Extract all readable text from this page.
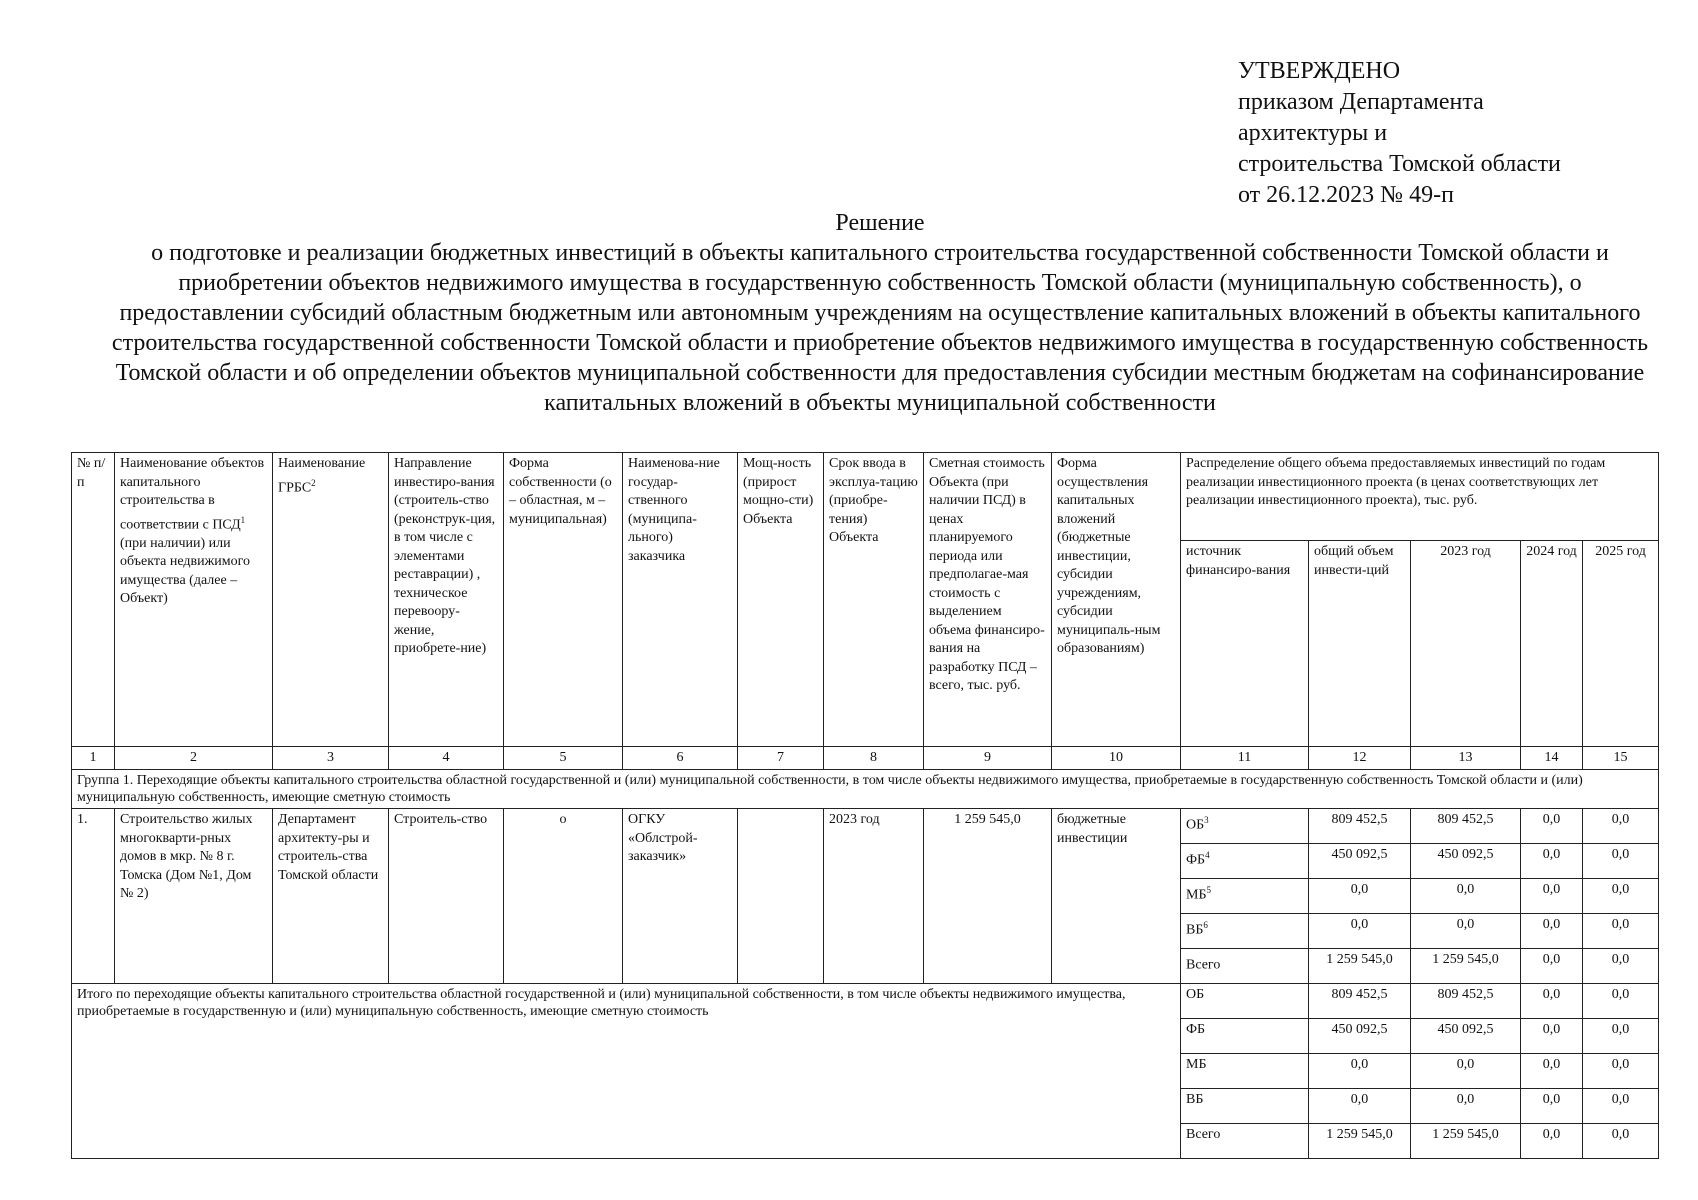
УТВЕРЖДЕНО
приказом Департамента
архитектуры и
строительства Томской области
от 26.12.2023 № 49-п
Решение

о подготовке и реализации бюджетных инвестиций в объекты капитального строительства государственной собственности Томской области и приобретении объектов недвижимого имущества в государственную собственность Томской области (муниципальную собственность), о предоставлении субсидий областным бюджетным или автономным учреждениям на осуществление капитальных вложений в объекты капитального строительства государственной собственности Томской области и приобретение объектов недвижимого имущества в государственную собственность Томской области и об определении объектов муниципальной собственности для предоставления субсидии местным бюджетам на софинансирование капитальных вложений в объекты муниципальной собственности

№ п/п	Наименование объектов капитального строительства в соответствии с ПСД$^1$ (при наличии) или объекта недвижимого имущества (далее – Объект)	Наименование ГРБС$^2$	Направление инвестиро-вания (строитель-ство (реконструк-ция, в том числе с элементами реставрации) , техническое перевоору-жение, приобрете-ние)	Форма собственности (о – областная, м – муниципальная)	Наименова-ние государ-ственного (муниципа-льного) заказчика	Мощ-ность (прирост мощно-сти) Объекта	Срок ввода в эксплуа-тацию (приобре-тения) Объекта	Сметная стоимость Объекта (при наличии ПСД) в ценах планируемого периода или предполагае-мая стоимость с выделением объема финансиро-вания на разработку ПСД – всего, тыс. руб.	Форма осуществления капитальных вложений (бюджетные инвестиции, субсидии учреждениям, субсидии муниципаль-ным образованиям)	Распределение общего объема предоставляемых инвестиций по годам реализации инвестиционного проекта (в ценах соответствующих лет реализации инвестиционного проекта), тыс. руб.				
										источник финансиро-вания	общий объем инвести-ций	2023 год	2024 год	2025 год
1	2	3	4	5	6	7	8	9	10	11	12	13	14	15
Группа 1. Переходящие объекты капитального строительства областной государственной и (или) муниципальной собственности, в том числе объекты недвижимого имущества, приобретаемые в государственную собственность Томской области и (или) муниципальную собственность, имеющие сметную стоимость														
1.	Строительство жилых многокварти-рных домов в мкр. № 8 г. Томска (Дом №1, Дом № 2)	Департамент архитекту-ры и строитель-ства Томской области	Строитель-ство	о	ОГКУ «Облстрой-заказчик»		2023 год	1 259 545,0	бюджетные инвестиции	$ОБ^3$	809 452,5	809 452,5	0,0	0,0
										$ФБ^4$	450 092,5	450 092,5	0,0	0,0
										$МБ^5$	0,0	0,0	0,0	0,0
										$ВБ^6$	0,0	0,0	0,0	0,0
										Всего	1 259 545,0	1 259 545,0	0,0	0,0
Итого по переходящие объекты капитального строительства областной государственной и (или) муниципальной собственности, в том числе объекты недвижимого имущества, приобретаемые в государственную и (или) муниципальную собственность, имеющие сметную стоимость										ОБ	809 452,5	809 452,5	0,0	0,0
										ФБ	450 092,5	450 092,5	0,0	0,0
										МБ	0,0	0,0	0,0	0,0
										ВБ	0,0	0,0	0,0	0,0
										Всего	1 259 545,0	1 259 545,0	0,0	0,0
